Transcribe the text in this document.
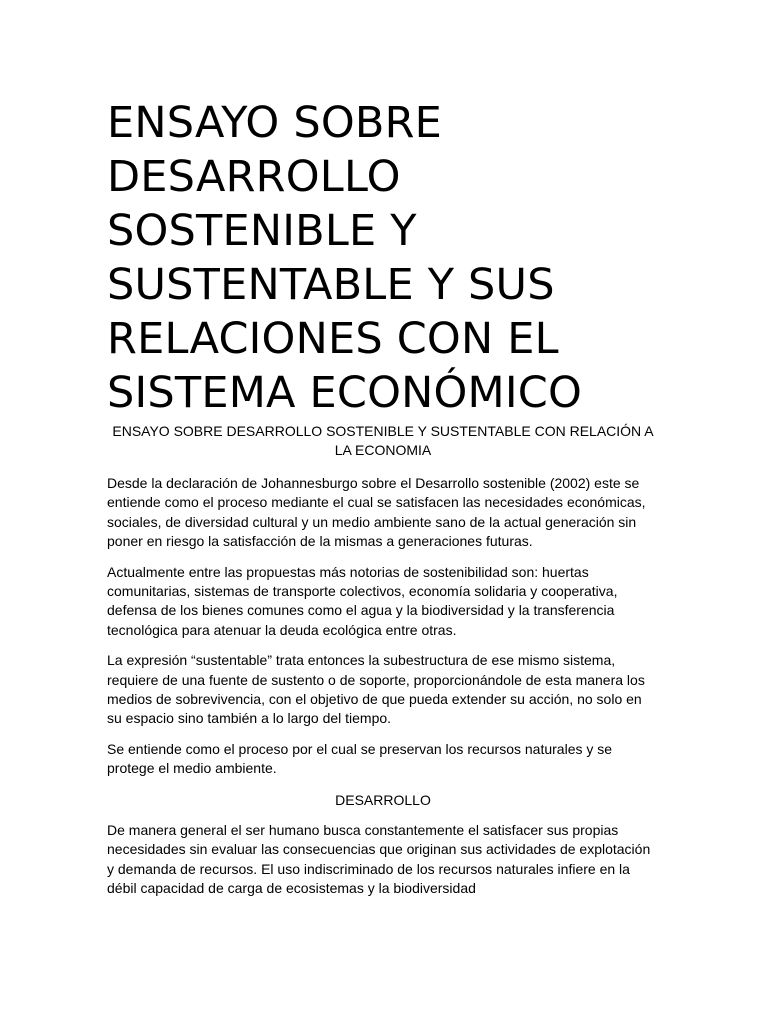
ENSAYO SOBRE DESARROLLO SOSTENIBLE Y SUSTENTABLE Y SUS RELACIONES CON EL SISTEMA ECONÓMICO

ENSAYO SOBRE DESARROLLO SOSTENIBLE Y SUSTENTABLE CON RELACIÓN A LA ECONOMIA

Desde la declaración de Johannesburgo sobre el Desarrollo sostenible (2002) este se entiende como el proceso mediante el cual se satisfacen las necesidades económicas, sociales, de diversidad cultural y un medio ambiente sano de la actual generación sin poner en riesgo la satisfacción de la mismas a generaciones futuras.

Actualmente entre las propuestas más notorias de sostenibilidad son: huertas comunitarias, sistemas de transporte colectivos, economía solidaria y cooperativa, defensa de los bienes comunes como el agua y la biodiversidad y la transferencia tecnológica para atenuar la deuda ecológica entre otras.

La expresión “sustentable” trata entonces la subestructura de ese mismo sistema, requiere de una fuente de sustento o de soporte, proporcionándole de esta manera los medios de sobrevivencia, con el objetivo de que pueda extender su acción, no solo en su espacio sino también a lo largo del tiempo.

Se entiende como el proceso por el cual se preservan los recursos naturales y se protege el medio ambiente.

DESARROLLO

De manera general el ser humano busca constantemente el satisfacer sus propias necesidades sin evaluar las consecuencias que originan sus actividades de explotación y demanda de recursos. El uso indiscriminado de los recursos naturales infiere en la débil capacidad de carga de ecosistemas y la biodiversidad
